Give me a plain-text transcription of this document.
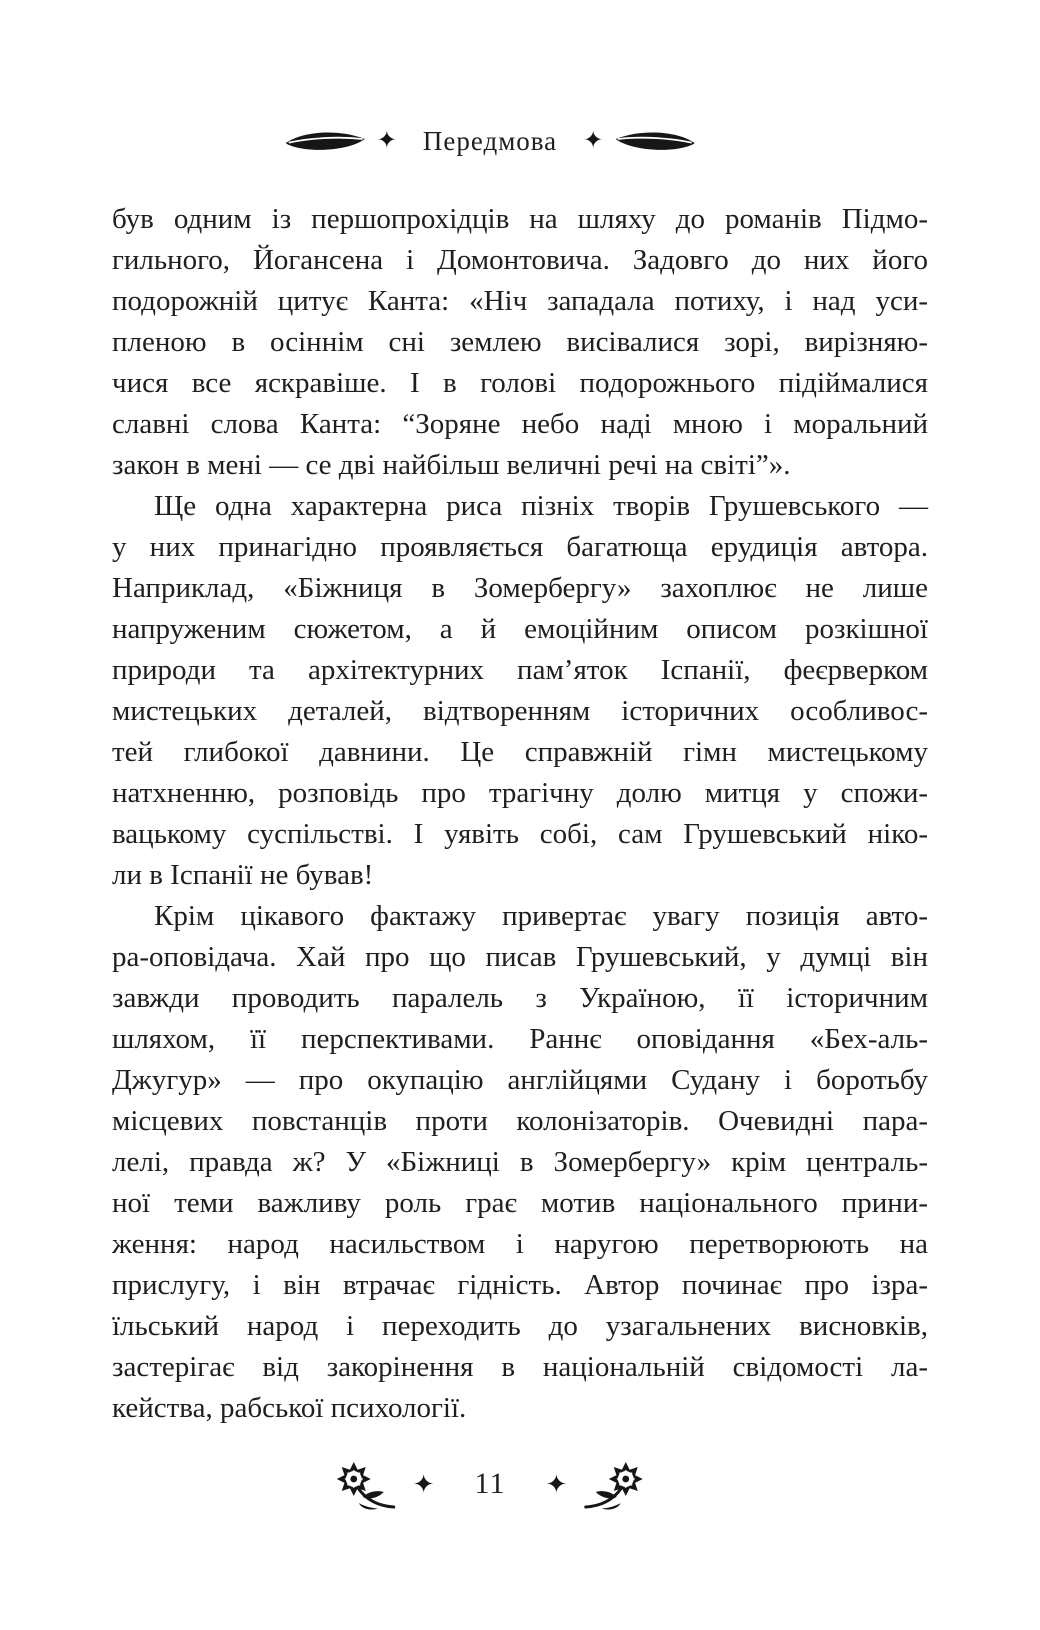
✦ Передмова ✦
був одним із першопрохідців на шляху до романів Підмо-
гильного, Йогансена і Домонтовича. Задовго до них його
подорожній цитує Канта: «Ніч западала потиху, і над уси-
пленою в осіннім сні землею висівалися зорі, вирізняю-
чися все яскравіше. І в голові подорожнього підіймалися
славні слова Канта: “Зоряне небо наді мною і моральний
закон в мені — се дві найбільш величні речі на світі”».
Ще одна характерна риса пізніх творів Грушевського —
у них принагідно проявляється багатюща ерудиція автора.
Наприклад, «Біжниця в Зомербергу» захоплює не лише
напруженим сюжетом, а й емоційним описом розкішної
природи та архітектурних пам’яток Іспанії, феєрверком
мистецьких деталей, відтворенням історичних особливос-
тей глибокої давнини. Це справжній гімн мистецькому
натхненню, розповідь про трагічну долю митця у спожи-
вацькому суспільстві. І уявіть собі, сам Грушевський ніко-
ли в Іспанії не бував!
Крім цікавого фактажу привертає увагу позиція авто-
ра-оповідача. Хай про що писав Грушевський, у думці він
завжди проводить паралель з Україною, її історичним
шляхом, її перспективами. Раннє оповідання «Бех-аль-
Джугур» — про окупацію англійцями Судану і боротьбу
місцевих повстанців проти колонізаторів. Очевидні пара-
лелі, правда ж? У «Біжниці в Зомербергу» крім централь-
ної теми важливу роль грає мотив національного прини-
ження: народ насильством і наругою перетворюють на
прислугу, і він втрачає гідність. Автор починає про ізра-
їльський народ і переходить до узагальнених висновків,
застерігає від закорінення в національній свідомості ла-
кейства, рабської психології.
✦ 11 ✦
